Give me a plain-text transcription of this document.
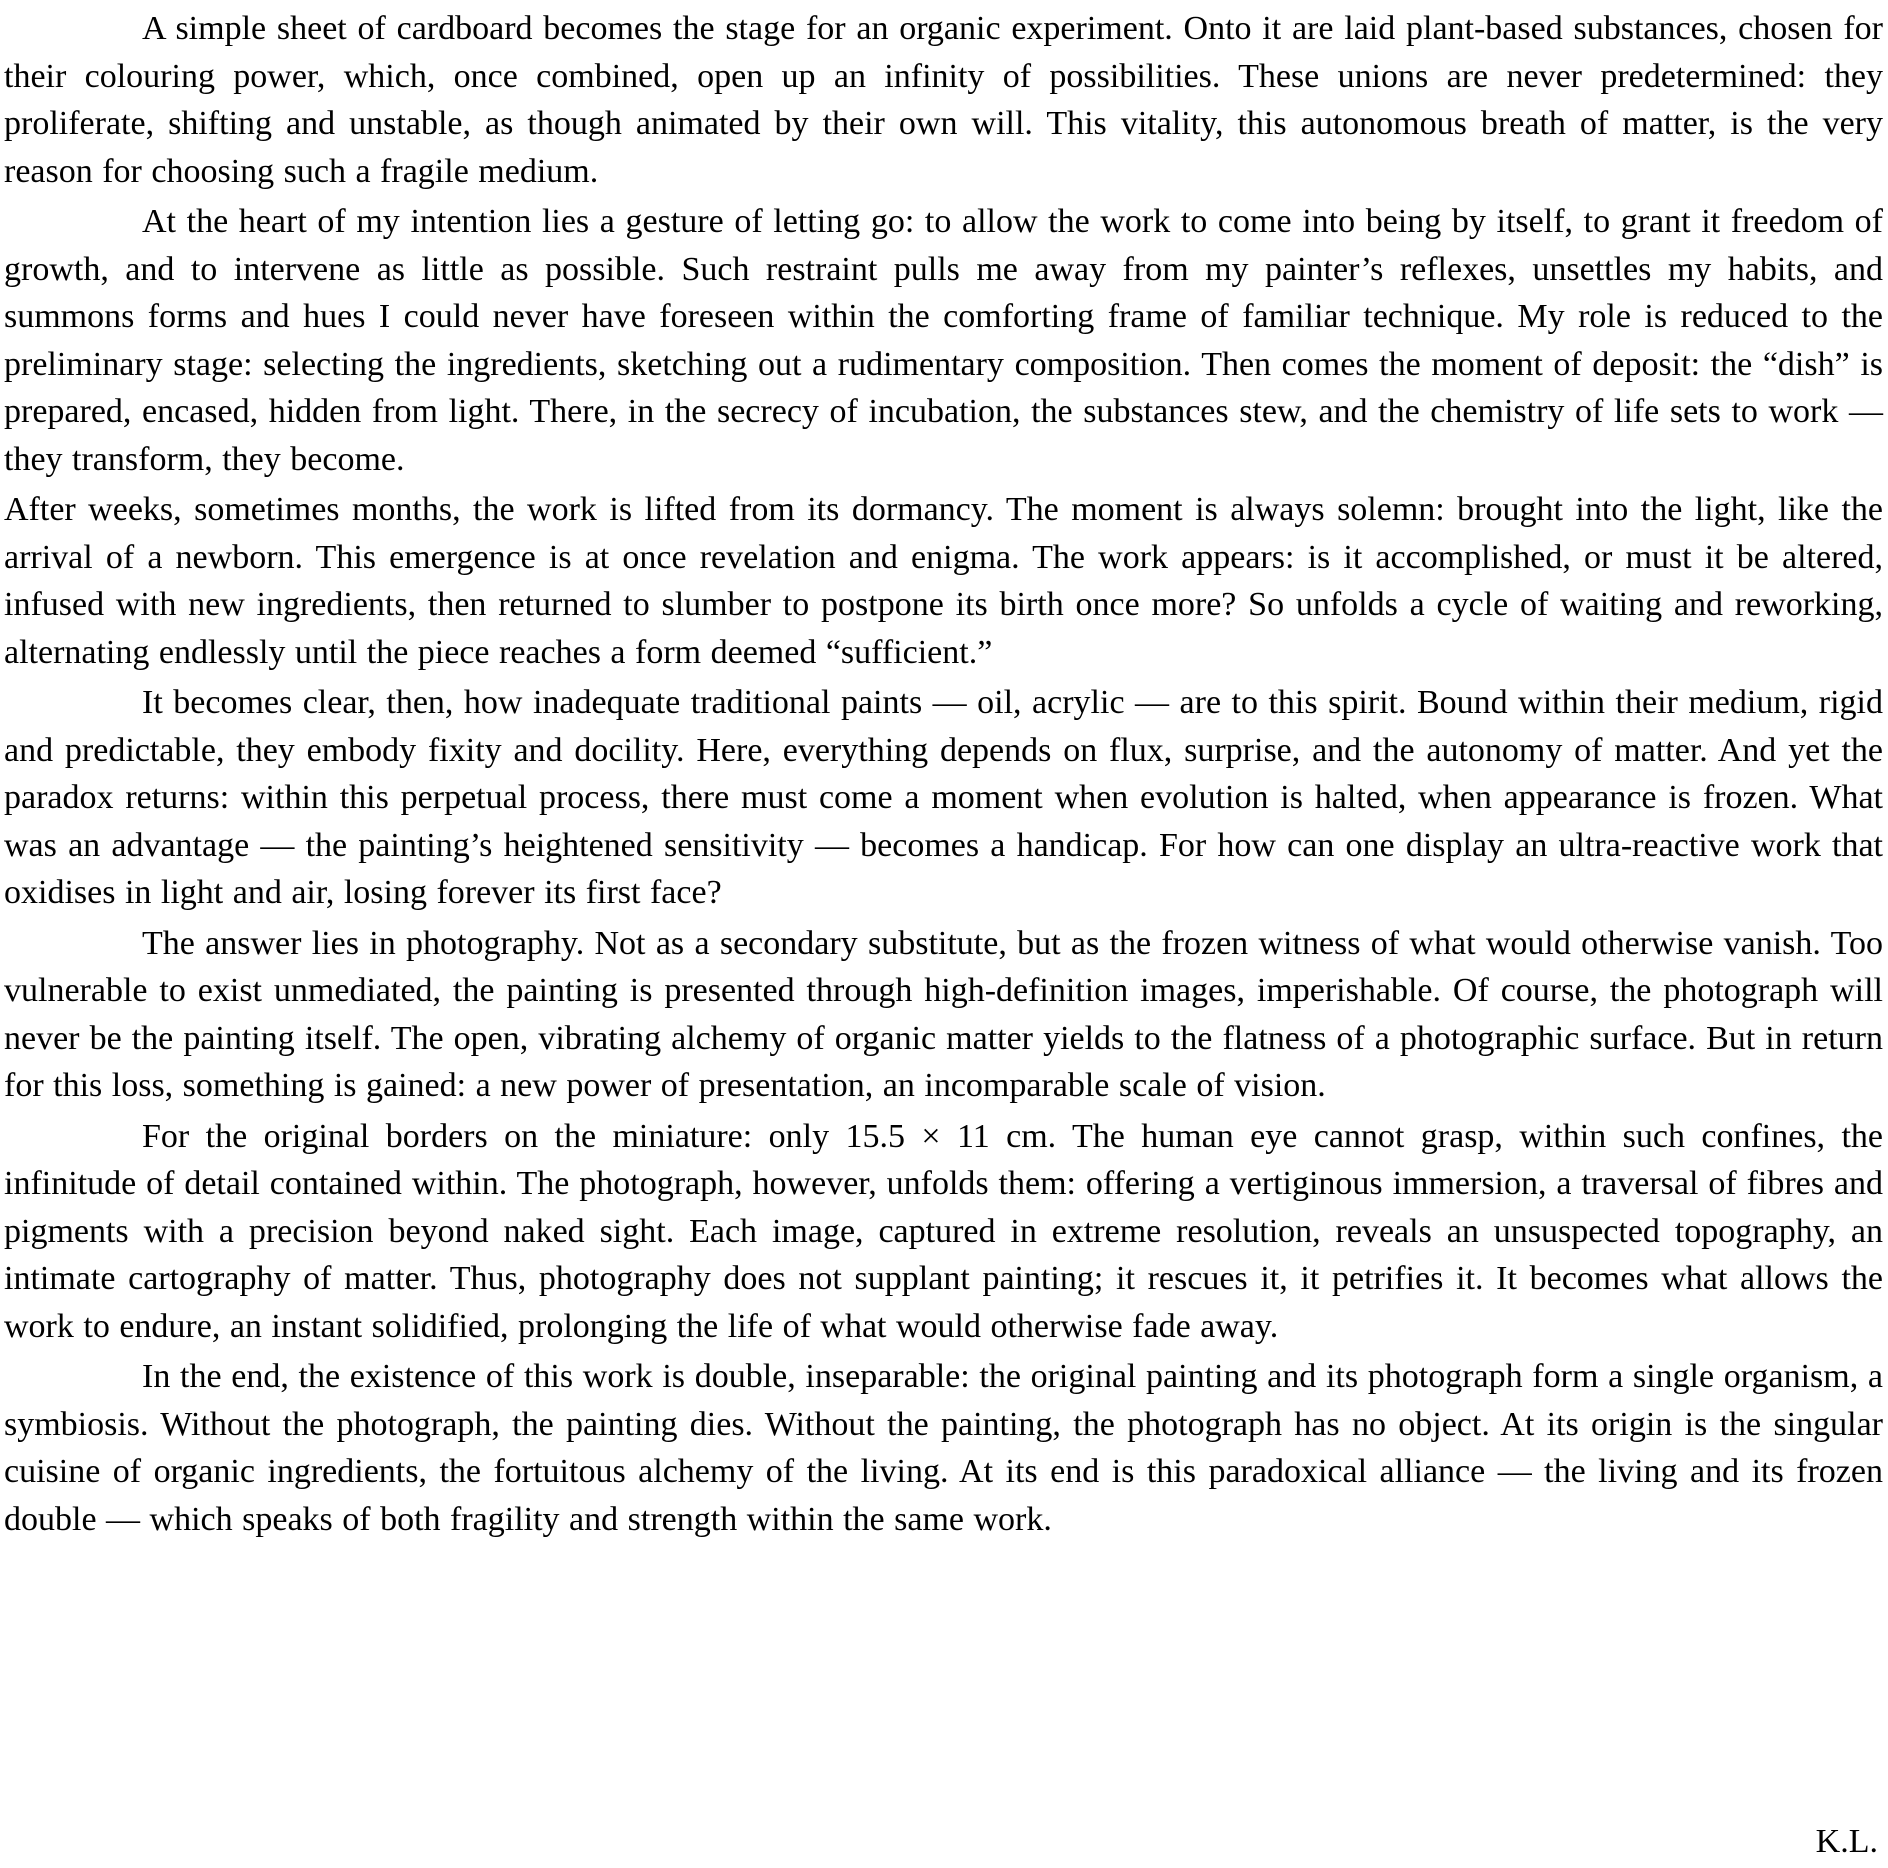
A simple sheet of cardboard becomes the stage for an organic experiment. Onto it are laid plant-based substances, chosen for their colouring power, which, once combined, open up an infinity of possibilities. These unions are never predetermined: they proliferate, shifting and unstable, as though animated by their own will. This vitality, this autonomous breath of matter, is the very reason for choosing such a fragile medium.

At the heart of my intention lies a gesture of letting go: to allow the work to come into being by itself, to grant it freedom of growth, and to intervene as little as possible. Such restraint pulls me away from my painter’s reflexes, unsettles my habits, and summons forms and hues I could never have foreseen within the comforting frame of familiar technique. My role is reduced to the preliminary stage: selecting the ingredients, sketching out a rudimentary composition. Then comes the moment of deposit: the “dish” is prepared, encased, hidden from light. There, in the secrecy of incubation, the substances stew, and the chemistry of life sets to work — they transform, they become.

After weeks, sometimes months, the work is lifted from its dormancy. The moment is always solemn: brought into the light, like the arrival of a newborn. This emergence is at once revelation and enigma. The work appears: is it accomplished, or must it be altered, infused with new ingredients, then returned to slumber to postpone its birth once more? So unfolds a cycle of waiting and reworking, alternating endlessly until the piece reaches a form deemed “sufficient.”

It becomes clear, then, how inadequate traditional paints — oil, acrylic — are to this spirit. Bound within their medium, rigid and predictable, they embody fixity and docility. Here, everything depends on flux, surprise, and the autonomy of matter. And yet the paradox returns: within this perpetual process, there must come a moment when evolution is halted, when appearance is frozen. What was an advantage — the painting’s heightened sensitivity — becomes a handicap. For how can one display an ultra-reactive work that oxidises in light and air, losing forever its first face?

The answer lies in photography. Not as a secondary substitute, but as the frozen witness of what would otherwise vanish. Too vulnerable to exist unmediated, the painting is presented through high-definition images, imperishable. Of course, the photograph will never be the painting itself. The open, vibrating alchemy of organic matter yields to the flatness of a photographic surface. But in return for this loss, something is gained: a new power of presentation, an incomparable scale of vision.

For the original borders on the miniature: only 15.5 × 11 cm. The human eye cannot grasp, within such confines, the infinitude of detail contained within. The photograph, however, unfolds them: offering a vertiginous immersion, a traversal of fibres and pigments with a precision beyond naked sight. Each image, captured in extreme resolution, reveals an unsuspected topography, an intimate cartography of matter. Thus, photography does not supplant painting; it rescues it, it petrifies it. It becomes what allows the work to endure, an instant solidified, prolonging the life of what would otherwise fade away.

In the end, the existence of this work is double, inseparable: the original painting and its photograph form a single organism, a symbiosis. Without the photograph, the painting dies. Without the painting, the photograph has no object. At its origin is the singular cuisine of organic ingredients, the fortuitous alchemy of the living. At its end is this paradoxical alliance — the living and its frozen double — which speaks of both fragility and strength within the same work.

K.L.
